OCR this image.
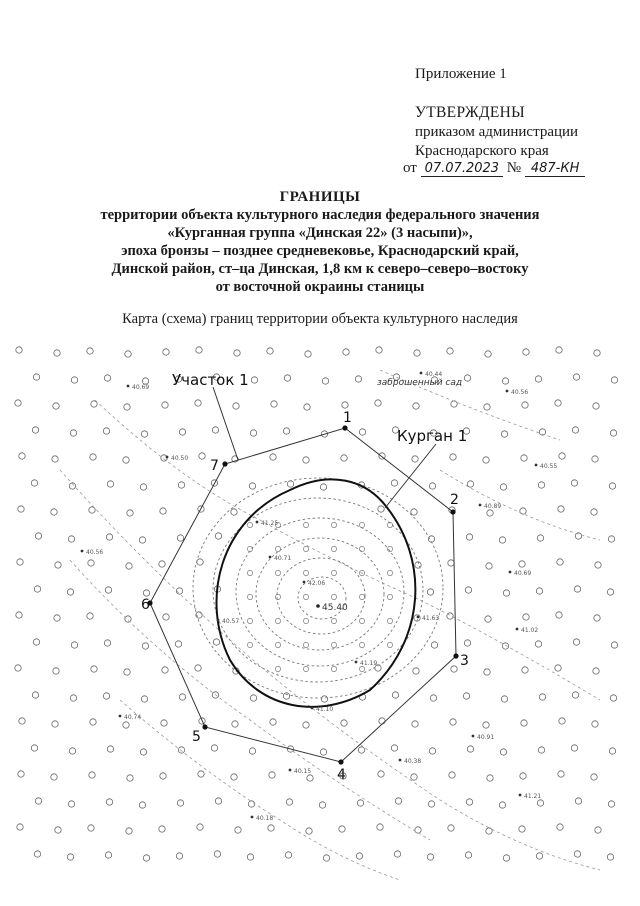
Приложение 1
УТВЕРЖДЕНЫ
приказом администрации
Краснодарского края
от 07.07.2023 № 487-КН
ГРАНИЦЫ
территории объекта культурного наследия федерального значения
«Курганная группа «Динская 22» (3 насыпи)»,
эпоха бронзы – позднее средневековье, Краснодарский край,
Динской район, ст–ца Динская, 1,8 км к северо–северо–востоку
от восточной окраины станицы
Карта (схема) границ территории объекта культурного наследия
1
2
3
4
5
6
7
40.69
40.44
40.56
40.50
40.89
40.55
40.56
41.25
40.71
40.69
42.06
41.63
41.02
40.57
41.19
40.74
41.10
40.91
40.18
41.21
40.15
40.38
45.40
Участок 1
Курган 1
заброшенный сад
